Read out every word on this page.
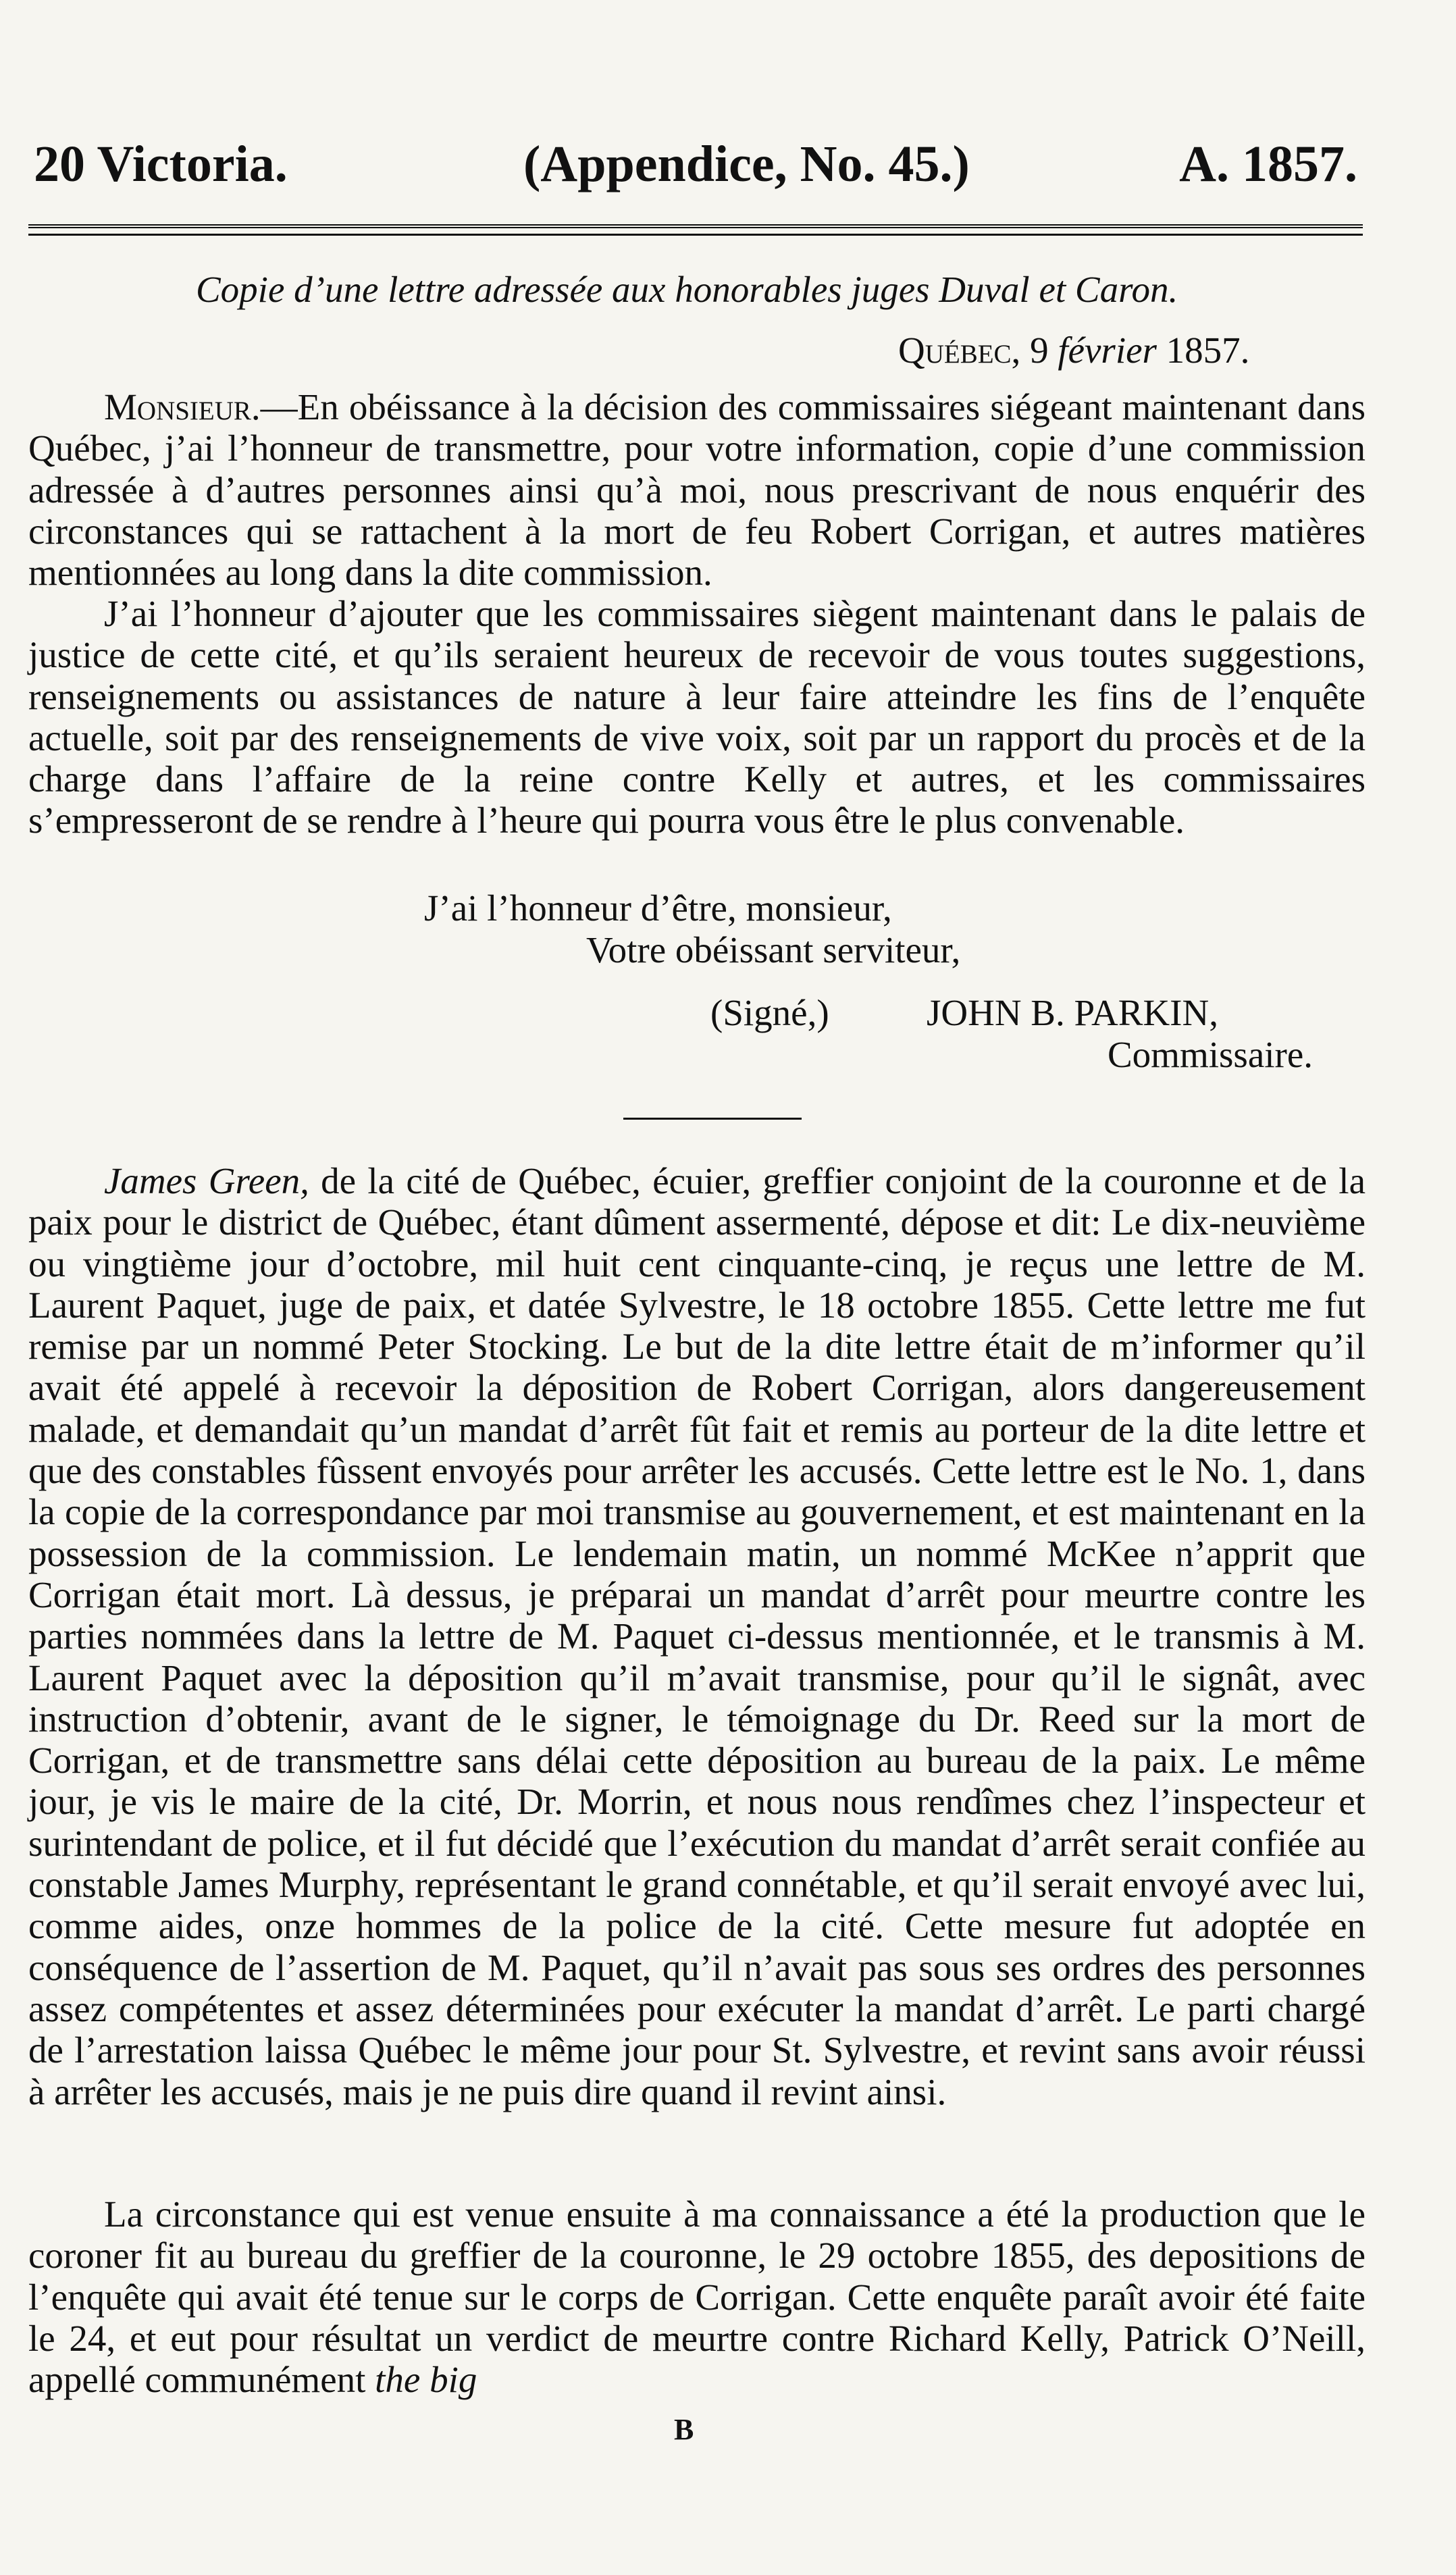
20 Victoria.	(Appendice, No. 45.)	A. 1857.
Copie d’une lettre adressée aux honorables juges Duval et Caron.
Québec, 9 février 1857.

Monsieur.—En obéissance à la décision des commissaires siégeant maintenant dans Québec, j’ai l’honneur de transmettre, pour votre information, copie d’une commission adressée à d’autres personnes ainsi qu’à moi, nous prescrivant de nous enquérir des circonstances qui se rattachent à la mort de feu Robert Corrigan, et autres matières mentionnées au long dans la dite commission.

J’ai l’honneur d’ajouter que les commissaires siègent maintenant dans le palais de justice de cette cité, et qu’ils seraient heureux de recevoir de vous toutes suggestions, renseignements ou assistances de nature à leur faire atteindre les fins de l’enquête actuelle, soit par des renseignements de vive voix, soit par un rapport du procès et de la charge dans l’affaire de la reine contre Kelly et autres, et les commissaires s’empresseront de se rendre à l’heure qui pourra vous être le plus convenable.

J’ai l’honneur d’être, monsieur,
Votre obéissant serviteur,
(Signé,)	JOHN B. PARKIN,
Commissaire.

James Green, de la cité de Québec, écuier, greffier conjoint de la couronne et de la paix pour le district de Québec, étant dûment assermenté, dépose et dit: Le dix-neuvième ou vingtième jour d’octobre, mil huit cent cinquante-cinq, je reçus une lettre de M. Laurent Paquet, juge de paix, et datée Sylvestre, le 18 octobre 1855. Cette lettre me fut remise par un nommé Peter Stocking. Le but de la dite lettre était de m’informer qu’il avait été appelé à recevoir la déposition de Robert Corrigan, alors dangereusement malade, et demandait qu’un mandat d’arrêt fût fait et remis au porteur de la dite lettre et que des constables fûssent envoyés pour arrêter les accusés. Cette lettre est le No. 1, dans la copie de la correspondance par moi transmise au gouvernement, et est maintenant en la possession de la commission. Le lendemain matin, un nommé McKee n’apprit que Corrigan était mort. Là dessus, je préparai un mandat d’arrêt pour meurtre contre les parties nommées dans la lettre de M. Paquet ci-dessus mentionnée, et le transmis à M. Laurent Paquet avec la déposition qu’il m’avait transmise, pour qu’il le signât, avec instruction d’obtenir, avant de le signer, le témoignage du Dr. Reed sur la mort de Corrigan, et de transmettre sans délai cette déposition au bureau de la paix. Le même jour, je vis le maire de la cité, Dr. Morrin, et nous nous rendîmes chez l’inspecteur et surintendant de police, et il fut décidé que l’exécution du mandat d’arrêt serait confiée au constable James Murphy, représentant le grand connétable, et qu’il serait envoyé avec lui, comme aides, onze hommes de la police de la cité. Cette mesure fut adoptée en conséquence de l’assertion de M. Paquet, qu’il n’avait pas sous ses ordres des personnes assez compétentes et assez déterminées pour exécuter la mandat d’arrêt. Le parti chargé de l’arrestation laissa Québec le même jour pour St. Sylvestre, et revint sans avoir réussi à arrêter les accusés, mais je ne puis dire quand il revint ainsi.

La circonstance qui est venue ensuite à ma connaissance a été la production que le coroner fit au bureau du greffier de la couronne, le 29 octobre 1855, des depositions de l’enquête qui avait été tenue sur le corps de Corrigan. Cette enquête paraît avoir été faite le 24, et eut pour résultat un verdict de meurtre contre Richard Kelly, Patrick O’Neill, appellé communément the big

B
